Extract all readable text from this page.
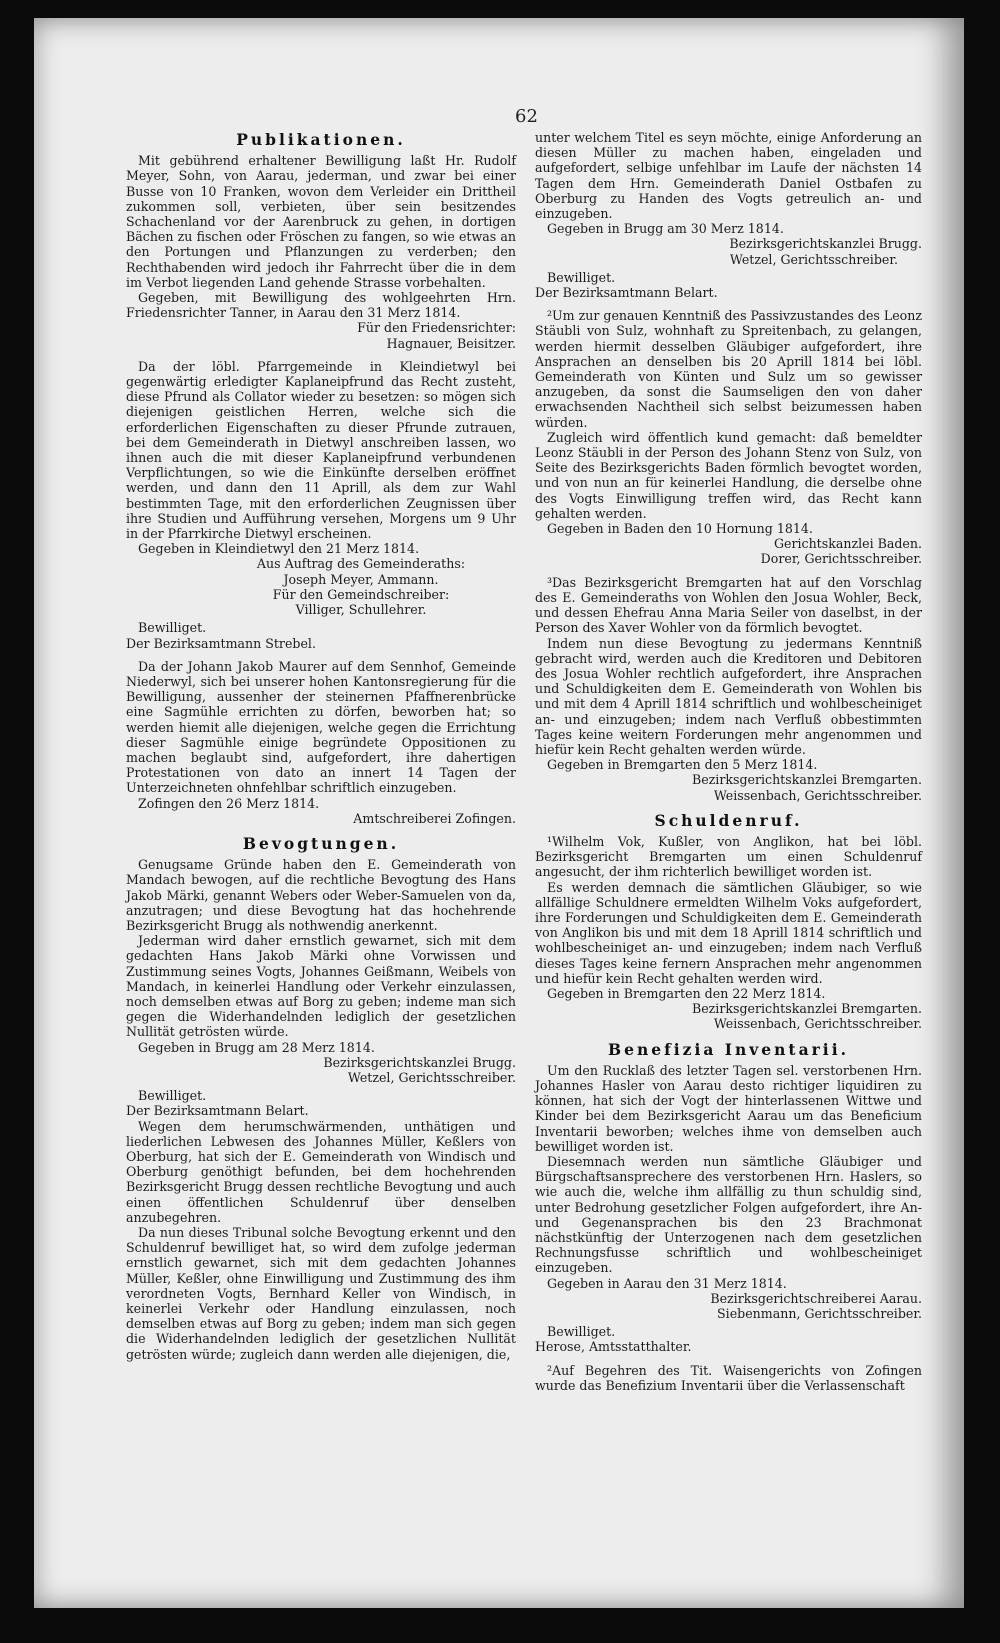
62
Publikationen.

Mit gebührend erhaltener Bewilligung laßt Hr. Rudolf Meyer, Sohn, von Aarau, jederman, und zwar bei einer Busse von 10 Franken, wovon dem Verleider ein Drittheil zukommen soll, verbieten, über sein besitzendes Schachenland vor der Aarenbruck zu gehen, in dortigen Bächen zu fischen oder Fröschen zu fangen, so wie etwas an den Portungen und Pflanzungen zu verderben; den Rechthabenden wird jedoch ihr Fahrrecht über die in dem im Verbot liegenden Land gehende Strasse vorbehalten.

Gegeben, mit Bewilligung des wohlgeehrten Hrn. Friedensrichter Tanner, in Aarau den 31 Merz 1814.

Für den Friedensrichter:

Hagnauer, Beisitzer.

Da der löbl. Pfarrgemeinde in Kleindietwyl bei gegenwärtig erledigter Kaplaneipfrund das Recht zusteht, diese Pfrund als Collator wieder zu besetzen: so mögen sich diejenigen geistlichen Herren, welche sich die erforderlichen Eigenschaften zu dieser Pfrunde zutrauen, bei dem Gemeinderath in Dietwyl anschreiben lassen, wo ihnen auch die mit dieser Kaplaneipfrund verbundenen Verpflichtungen, so wie die Einkünfte derselben eröffnet werden, und dann den 11 Aprill, als dem zur Wahl bestimmten Tage, mit den erforderlichen Zeugnissen über ihre Studien und Aufführung versehen, Morgens um 9 Uhr in der Pfarrkirche Dietwyl erscheinen.

Gegeben in Kleindietwyl den 21 Merz 1814.

Aus Auftrag des Gemeinderaths:

Joseph Meyer, Ammann.

Für den Gemeindschreiber:

Villiger, Schullehrer.

Bewilliget.

Der Bezirksamtmann Strebel.

Da der Johann Jakob Maurer auf dem Sennhof, Gemeinde Niederwyl, sich bei unserer hohen Kantonsregierung für die Bewilligung, aussenher der steinernen Pfaffnerenbrücke eine Sagmühle errichten zu dörfen, beworben hat; so werden hiemit alle diejenigen, welche gegen die Errichtung dieser Sagmühle einige begründete Oppositionen zu machen beglaubt sind, aufgefordert, ihre dahertigen Protestationen von dato an innert 14 Tagen der Unterzeichneten ohnfehlbar schriftlich einzugeben.

Zofingen den 26 Merz 1814.

Amtschreiberei Zofingen.

Bevogtungen.

Genugsame Gründe haben den E. Gemeinderath von Mandach bewogen, auf die rechtliche Bevogtung des Hans Jakob Märki, genannt Webers oder Weber-Samuelen von da, anzutragen; und diese Bevogtung hat das hochehrende Bezirksgericht Brugg als nothwendig anerkennt.

Jederman wird daher ernstlich gewarnet, sich mit dem gedachten Hans Jakob Märki ohne Vorwissen und Zustimmung seines Vogts, Johannes Geißmann, Weibels von Mandach, in keinerlei Handlung oder Verkehr einzulassen, noch demselben etwas auf Borg zu geben; indeme man sich gegen die Widerhandelnden lediglich der gesetzlichen Nullität getrösten würde.

Gegeben in Brugg am 28 Merz 1814.

Bezirksgerichtskanzlei Brugg.

Wetzel, Gerichtsschreiber.

Bewilliget.

Der Bezirksamtmann Belart.

Wegen dem herumschwärmenden, unthätigen und liederlichen Lebwesen des Johannes Müller, Keßlers von Oberburg, hat sich der E. Gemeinderath von Windisch und Oberburg genöthigt befunden, bei dem hochehrenden Bezirksgericht Brugg dessen rechtliche Bevogtung und auch einen öffentlichen Schuldenruf über denselben anzubegehren.

Da nun dieses Tribunal solche Bevogtung erkennt und den Schuldenruf bewilliget hat, so wird dem zufolge jederman ernstlich gewarnet, sich mit dem gedachten Johannes Müller, Keßler, ohne Einwilligung und Zustimmung des ihm verordneten Vogts, Bernhard Keller von Windisch, in keinerlei Verkehr oder Handlung einzulassen, noch demselben etwas auf Borg zu geben; indem man sich gegen die Widerhandelnden lediglich der gesetzlichen Nullität getrösten würde; zugleich dann werden alle diejenigen, die,

unter welchem Titel es seyn möchte, einige Anforderung an diesen Müller zu machen haben, eingeladen und aufgefordert, selbige unfehlbar im Laufe der nächsten 14 Tagen dem Hrn. Gemeinderath Daniel Ostbafen zu Oberburg zu Handen des Vogts getreulich an- und einzugeben.

Gegeben in Brugg am 30 Merz 1814.

Bezirksgerichtskanzlei Brugg.

Wetzel, Gerichtsschreiber.

Bewilliget.

Der Bezirksamtmann Belart.

²Um zur genauen Kenntniß des Passivzustandes des Leonz Stäubli von Sulz, wohnhaft zu Spreitenbach, zu gelangen, werden hiermit desselben Gläubiger aufgefordert, ihre Ansprachen an denselben bis 20 Aprill 1814 bei löbl. Gemeinderath von Künten und Sulz um so gewisser anzugeben, da sonst die Saumseligen den von daher erwachsenden Nachtheil sich selbst beizumessen haben würden.

Zugleich wird öffentlich kund gemacht: daß bemeldter Leonz Stäubli in der Person des Johann Stenz von Sulz, von Seite des Bezirksgerichts Baden förmlich bevogtet worden, und von nun an für keinerlei Handlung, die derselbe ohne des Vogts Einwilligung treffen wird, das Recht kann gehalten werden.

Gegeben in Baden den 10 Hornung 1814.

Gerichtskanzlei Baden.

Dorer, Gerichtsschreiber.

³Das Bezirksgericht Bremgarten hat auf den Vorschlag des E. Gemeinderaths von Wohlen den Josua Wohler, Beck, und dessen Ehefrau Anna Maria Seiler von daselbst, in der Person des Xaver Wohler von da förmlich bevogtet.

Indem nun diese Bevogtung zu jedermans Kenntniß gebracht wird, werden auch die Kreditoren und Debitoren des Josua Wohler rechtlich aufgefordert, ihre Ansprachen und Schuldigkeiten dem E. Gemeinderath von Wohlen bis und mit dem 4 Aprill 1814 schriftlich und wohlbescheiniget an- und einzugeben; indem nach Verfluß obbestimmten Tages keine weitern Forderungen mehr angenommen und hiefür kein Recht gehalten werden würde.

Gegeben in Bremgarten den 5 Merz 1814.

Bezirksgerichtskanzlei Bremgarten.

Weissenbach, Gerichtsschreiber.

Schuldenruf.

¹Wilhelm Vok, Kußler, von Anglikon, hat bei löbl. Bezirksgericht Bremgarten um einen Schuldenruf angesucht, der ihm richterlich bewilliget worden ist.

Es werden demnach die sämtlichen Gläubiger, so wie allfällige Schuldnere ermeldten Wilhelm Voks aufgefordert, ihre Forderungen und Schuldigkeiten dem E. Gemeinderath von Anglikon bis und mit dem 18 Aprill 1814 schriftlich und wohlbescheiniget an- und einzugeben; indem nach Verfluß dieses Tages keine fernern Ansprachen mehr angenommen und hiefür kein Recht gehalten werden wird.

Gegeben in Bremgarten den 22 Merz 1814.

Bezirksgerichtskanzlei Bremgarten.

Weissenbach, Gerichtsschreiber.

Benefizia Inventarii.

Um den Rucklaß des letzter Tagen sel. verstorbenen Hrn. Johannes Hasler von Aarau desto richtiger liquidiren zu können, hat sich der Vogt der hinterlassenen Wittwe und Kinder bei dem Bezirksgericht Aarau um das Beneficium Inventarii beworben; welches ihme von demselben auch bewilliget worden ist.

Diesemnach werden nun sämtliche Gläubiger und Bürgschaftsansprechere des verstorbenen Hrn. Haslers, so wie auch die, welche ihm allfällig zu thun schuldig sind, unter Bedrohung gesetzlicher Folgen aufgefordert, ihre An- und Gegenansprachen bis den 23 Brachmonat nächstkünftig der Unterzogenen nach dem gesetzlichen Rechnungsfusse schriftlich und wohlbescheiniget einzugeben.

Gegeben in Aarau den 31 Merz 1814.

Bezirksgerichtschreiberei Aarau.

Siebenmann, Gerichtsschreiber.

Bewilliget.

Herose, Amtsstatthalter.

²Auf Begehren des Tit. Waisengerichts von Zofingen wurde das Benefizium Inventarii über die Verlassenschaft
